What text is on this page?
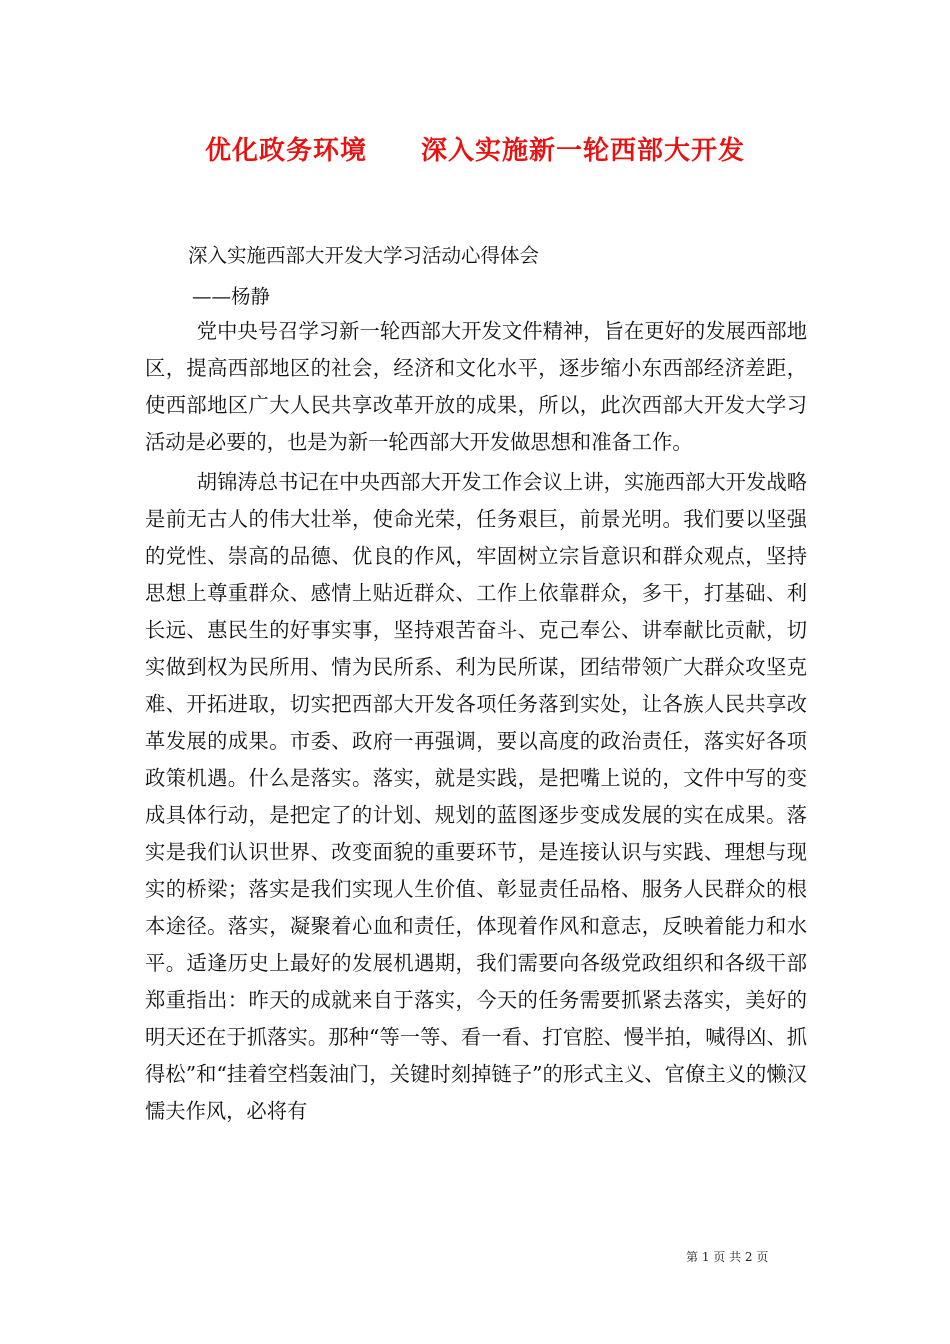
优化政务环境　　深入实施新一轮西部大开发

深入实施西部大开发大学习活动心得体会

——杨静

党中央号召学习新一轮西部大开发文件精神，旨在更好的发展西部地区，提高西部地区的社会，经济和文化水平，逐步缩小东西部经济差距，使西部地区广大人民共享改革开放的成果，所以，此次西部大开发大学习活动是必要的，也是为新一轮西部大开发做思想和准备工作。

胡锦涛总书记在中央西部大开发工作会议上讲，实施西部大开发战略是前无古人的伟大壮举，使命光荣，任务艰巨，前景光明。我们要以坚强的党性、崇高的品德、优良的作风，牢固树立宗旨意识和群众观点，坚持思想上尊重群众、感情上贴近群众、工作上依靠群众，多干，打基础、利长远、惠民生的好事实事，坚持艰苦奋斗、克己奉公、讲奉献比贡献，切实做到权为民所用、情为民所系、利为民所谋，团结带领广大群众攻坚克难、开拓进取，切实把西部大开发各项任务落到实处，让各族人民共享改革发展的成果。市委、政府一再强调，要以高度的政治责任，落实好各项政策机遇。什么是落实。落实，就是实践，是把嘴上说的，文件中写的变成具体行动，是把定了的计划、规划的蓝图逐步变成发展的实在成果。落实是我们认识世界、改变面貌的重要环节，是连接认识与实践、理想与现实的桥梁；落实是我们实现人生价值、彰显责任品格、服务人民群众的根本途径。落实，凝聚着心血和责任，体现着作风和意志，反映着能力和水平。适逢历史上最好的发展机遇期，我们需要向各级党政组织和各级干部郑重指出：昨天的成就来自于落实，今天的任务需要抓紧去落实，美好的明天还在于抓落实。那种“等一等、看一看、打官腔、慢半拍，喊得凶、抓得松”和“挂着空档轰油门，关键时刻掉链子”的形式主义、官僚主义的懒汉懦夫作风，必将有

第 1 页 共 2 页
